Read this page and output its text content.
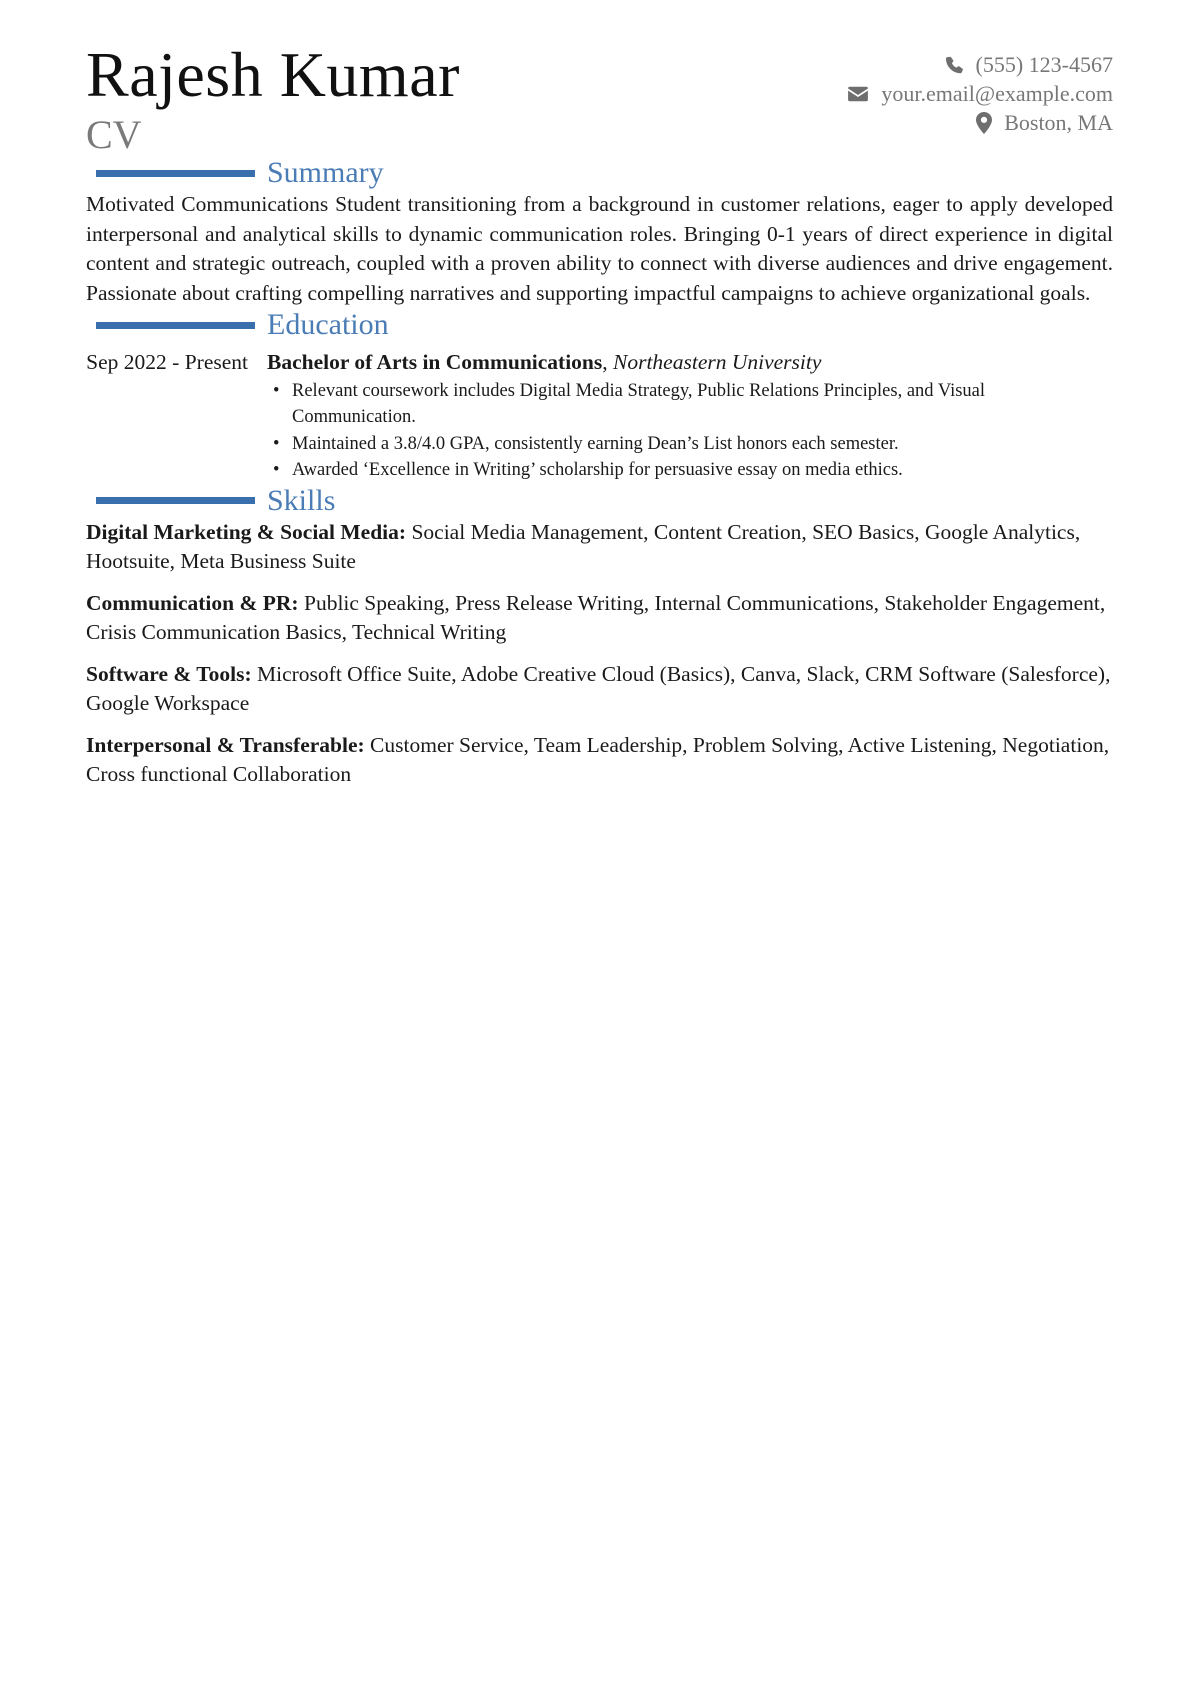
Rajesh Kumar
CV
(555) 123-4567
your.email@example.com
Boston, MA
Summary

Motivated Communications Student transitioning from a background in customer relations, eager to apply developed interpersonal and analytical skills to dynamic communication roles. Bringing 0-1 years of direct experience in digital content and strategic outreach, coupled with a proven ability to connect with diverse audiences and drive engagement. Passionate about crafting compelling narratives and supporting impactful campaigns to achieve organizational goals.

Education
Sep 2022 - Present Bachelor of Arts in Communications, Northeastern University
• Relevant coursework includes Digital Media Strategy, Public Relations Principles, and Visual Communication.
• Maintained a 3.8/4.0 GPA, consistently earning Dean’s List honors each semester.
• Awarded ‘Excellence in Writing’ scholarship for persuasive essay on media ethics.
Skills

Digital Marketing & Social Media: Social Media Management, Content Creation, SEO Basics, Google Analytics, Hootsuite, Meta Business Suite

Communication & PR: Public Speaking, Press Release Writing, Internal Communications, Stakeholder Engagement, Crisis Communication Basics, Technical Writing

Software & Tools: Microsoft Office Suite, Adobe Creative Cloud (Basics), Canva, Slack, CRM Software (Salesforce), Google Workspace

Interpersonal & Transferable: Customer Service, Team Leadership, Problem Solving, Active Listening, Negotiation, Cross functional Collaboration
